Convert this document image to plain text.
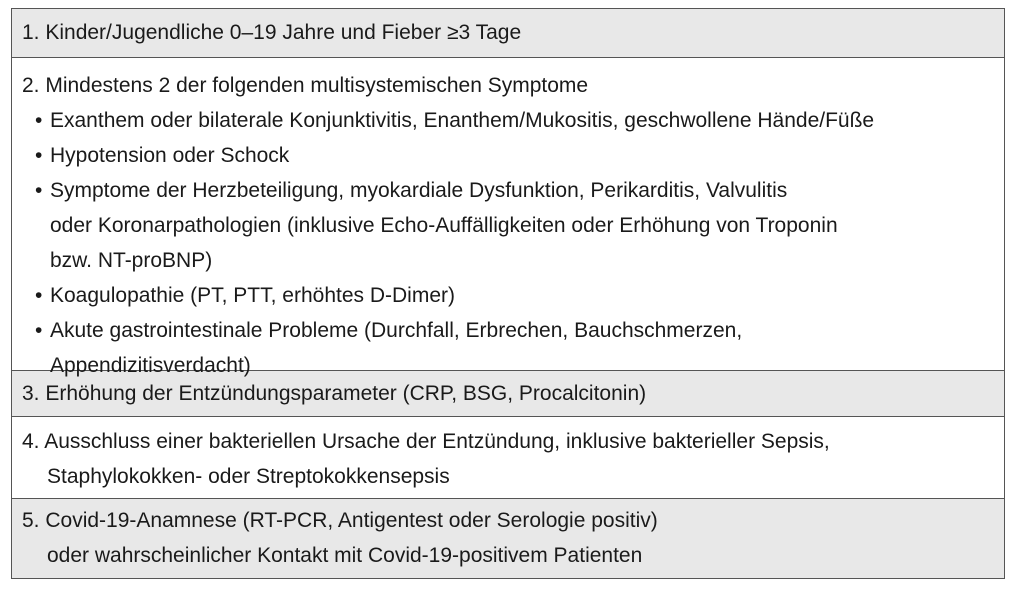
1. Kinder/Jugendliche 0–19 Jahre und Fieber ≥3 Tage
2. Mindestens 2 der folgenden multisystemischen Symptome
• Exanthem oder bilaterale Konjunktivitis, Enanthem/Mukositis, geschwollene Hände/Füße
• Hypotension oder Schock
• Symptome der Herzbeteiligung, myokardiale Dysfunktion, Perikarditis, Valvulitis
oder Koronarpathologien (inklusive Echo-Auffälligkeiten oder Erhöhung von Troponin
bzw. NT-proBNP)
• Koagulopathie (PT, PTT, erhöhtes D-Dimer)
• Akute gastrointestinale Probleme (Durchfall, Erbrechen, Bauchschmerzen,
Appendizitisverdacht)
3. Erhöhung der Entzündungsparameter (CRP, BSG, Procalcitonin)
4. Ausschluss einer bakteriellen Ursache der Entzündung, inklusive bakterieller Sepsis,
Staphylokokken- oder Streptokokkensepsis
5. Covid-19-Anamnese (RT-PCR, Antigentest oder Serologie positiv)
oder wahrscheinlicher Kontakt mit Covid-19-positivem Patienten
